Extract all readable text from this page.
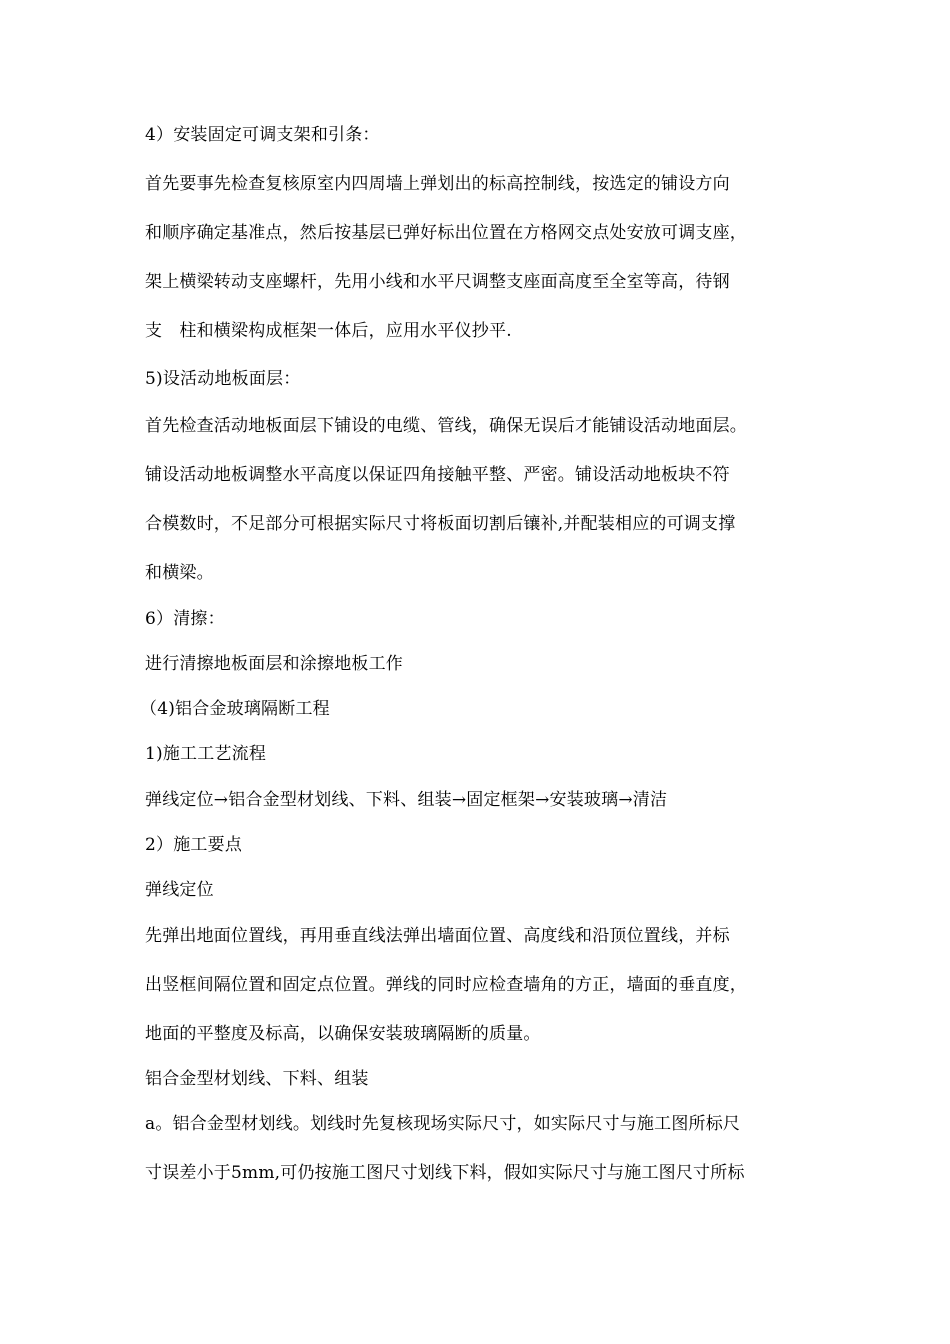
4）安装固定可调支架和引条：
首先要事先检查复核原室内四周墙上弹划出的标高控制线，按选定的铺设方向
和顺序确定基准点，然后按基层已弹好标出位置在方格网交点处安放可调支座，
架上横梁转动支座螺杆，先用小线和水平尺调整支座面高度至全室等高，待钢
支　柱和横梁构成框架一体后，应用水平仪抄平.
5)设活动地板面层：
首先检查活动地板面层下铺设的电缆、管线，确保无误后才能铺设活动地面层。
铺设活动地板调整水平高度以保证四角接触平整、严密。铺设活动地板块不符
合模数时，不足部分可根据实际尺寸将板面切割后镶补,并配装相应的可调支撑
和横梁。
6）清擦：
进行清擦地板面层和涂擦地板工作
（4)铝合金玻璃隔断工程
1)施工工艺流程
弹线定位→铝合金型材划线、下料、组装→固定框架→安装玻璃→清洁
2）施工要点
弹线定位
先弹出地面位置线，再用垂直线法弹出墙面位置、高度线和沿顶位置线，并标
出竖框间隔位置和固定点位置。弹线的同时应检查墙角的方正，墙面的垂直度，
地面的平整度及标高，以确保安装玻璃隔断的质量。
铝合金型材划线、下料、组装
a。铝合金型材划线。划线时先复核现场实际尺寸，如实际尺寸与施工图所标尺
寸误差小于5mm,可仍按施工图尺寸划线下料，假如实际尺寸与施工图尺寸所标
